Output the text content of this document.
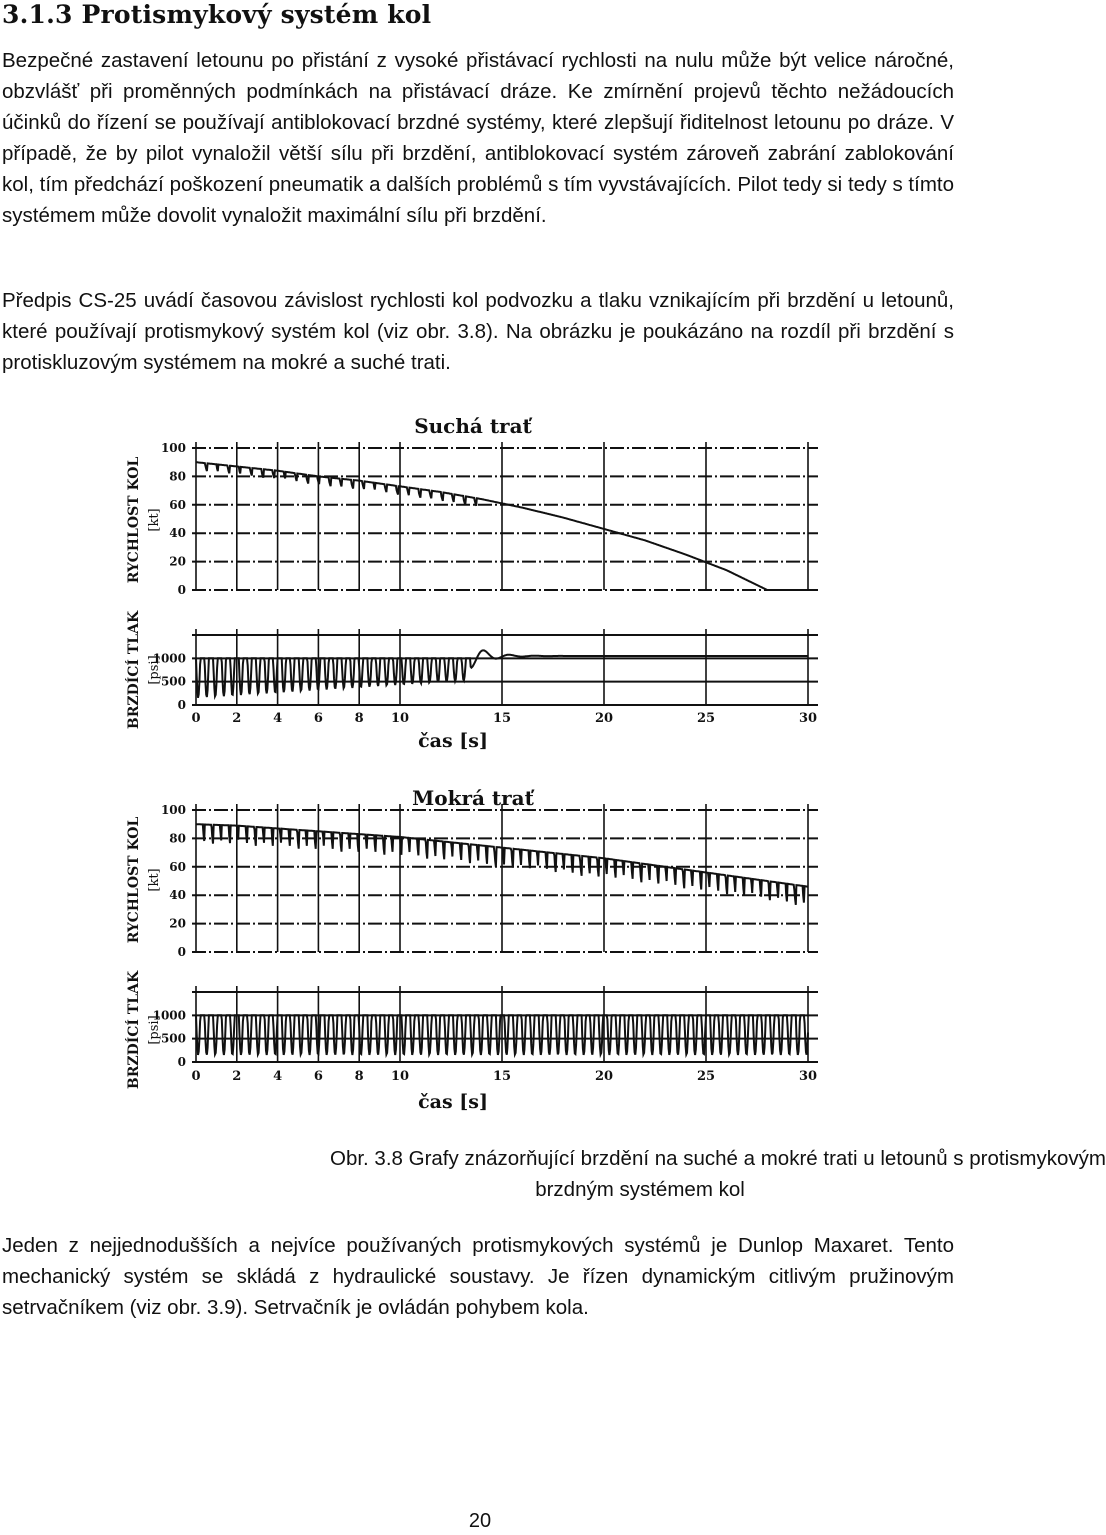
3.1.3 Protismykový systém kol

Bezpečné zastavení letounu po přistání z vysoké přistávací rychlosti na nulu může být velice náročné, obzvlášť při proměnných podmínkách na přistávací dráze. Ke zmírnění projevů těchto nežádoucích účinků do řízení se používají antiblokovací brzdné systémy, které zlepšují řiditelnost letounu po dráze. V případě, že by pilot vynaložil větší sílu při brzdění, antiblokovací systém zároveň zabrání zablokování kol, tím předchází poškození pneumatik a dalších problémů s tím vyvstávajících. Pilot tedy si tedy s tímto systémem může dovolit vynaložit maximální sílu při brzdění.

Předpis CS-25 uvádí časovou závislost rychlosti kol podvozku a tlaku vznikajícím při brzdění u letounů, které používají protismykový systém kol (viz obr. 3.8). Na obrázku je poukázáno na rozdíl při brzdění s protiskluzovým systémem na mokré a suché trati.

Suchá trať
100
80
60
40
20
0
RYCHLOST KOL [kt]
1000
500
0
BRZDÍCÍ TLAK [psi]
0 2 4 6 8 10	15	20	25	30
čas [s]
Mokrá trať
100
80
60
40
20
0
RYCHLOST KOL [kt]
1000
500
0
BRZDÍCÍ TLAK [psi]
0 2 4 6 8 10	15	20	25	30
čas [s]
Obr. 3.8 Grafy znázorňující brzdění na suché a mokré trati u letounů s protismykovým
brzdným systémem kol

Jeden z nejjednodušších a nejvíce používaných protismykových systémů je Dunlop Maxaret. Tento mechanický systém se skládá z hydraulické soustavy. Je řízen dynamickým citlivým pružinovým setrvačníkem (viz obr. 3.9). Setrvačník je ovládán pohybem kola.

20
